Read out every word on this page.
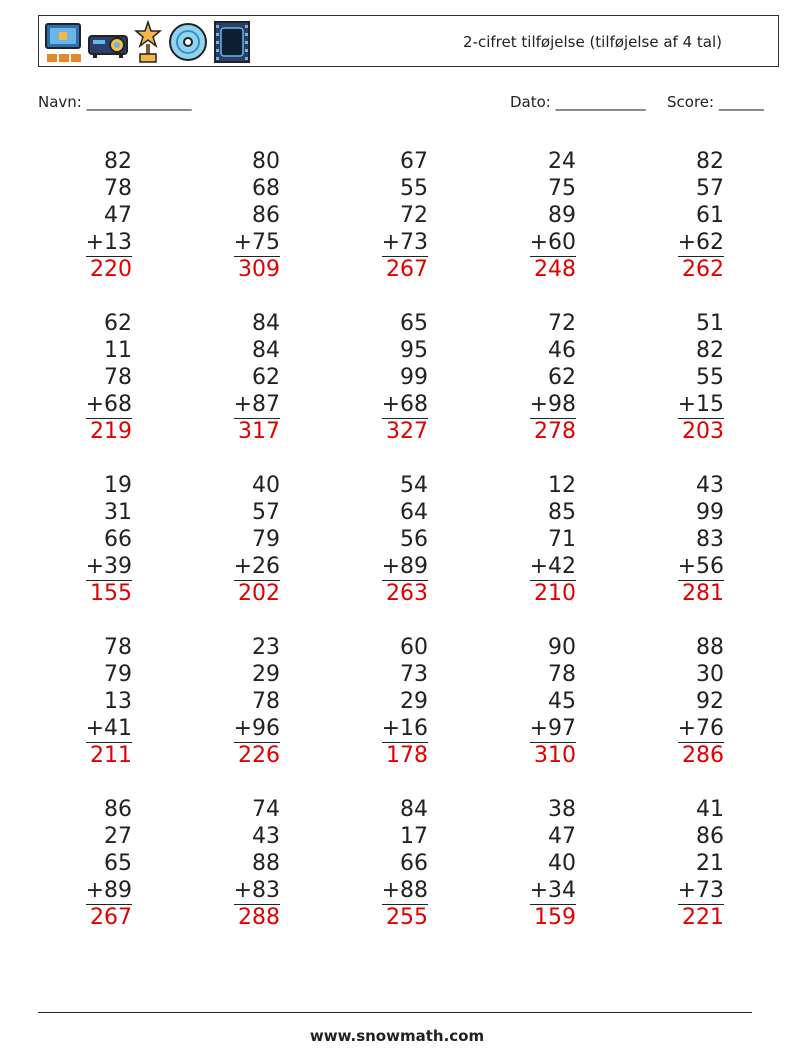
2-cifret tilføjelse (tilføjelse af 4 tal)
Navn: ______________	Dato: ____________ Score: ______
82
78
47
+13
220
80
68
86
+75
309
67
55
72
+73
267
24
75
89
+60
248
82
57
61
+62
262
62
11
78
+68
219
84
84
62
+87
317
65
95
99
+68
327
72
46
62
+98
278
51
82
55
+15
203
19
31
66
+39
155
40
57
79
+26
202
54
64
56
+89
263
12
85
71
+42
210
43
99
83
+56
281
78
79
13
+41
211
23
29
78
+96
226
60
73
29
+16
178
90
78
45
+97
310
88
30
92
+76
286
86
27
65
+89
267
74
43
88
+83
288
84
17
66
+88
255
38
47
40
+34
159
41
86
21
+73
221
www.snowmath.com
